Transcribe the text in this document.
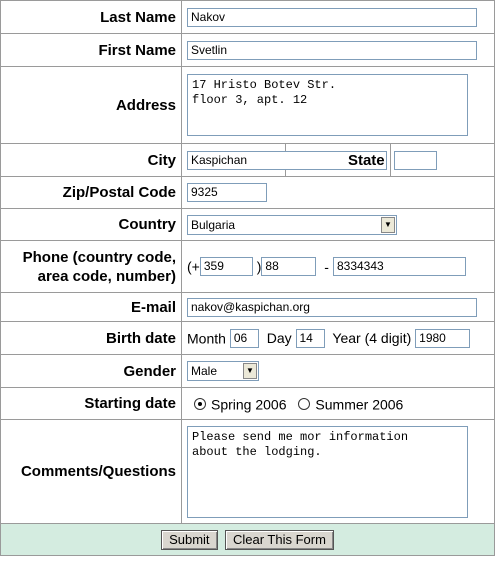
Last Name	Nakov		
First Name	Svetlin		
Address	17 Hristo Botev Str.
floor 3, apt. 12		

City	Kaspichan	State	
Zip/Postal Code	9325		
Country	Bulgaria ▼		

Phone (country code,
area code, number)	(+ 359 ) 88 - 8334343		
E-mail	nakov@kaspichan.org		
Birth date	Month 06 Day 14 Year (4 digit) 1980		
Gender	Male ▼		

Starting date	Spring 2006 Summer 2006		
Comments/Questions	Please send me mor information
about the lodging.		

Submit Clear This Form			
